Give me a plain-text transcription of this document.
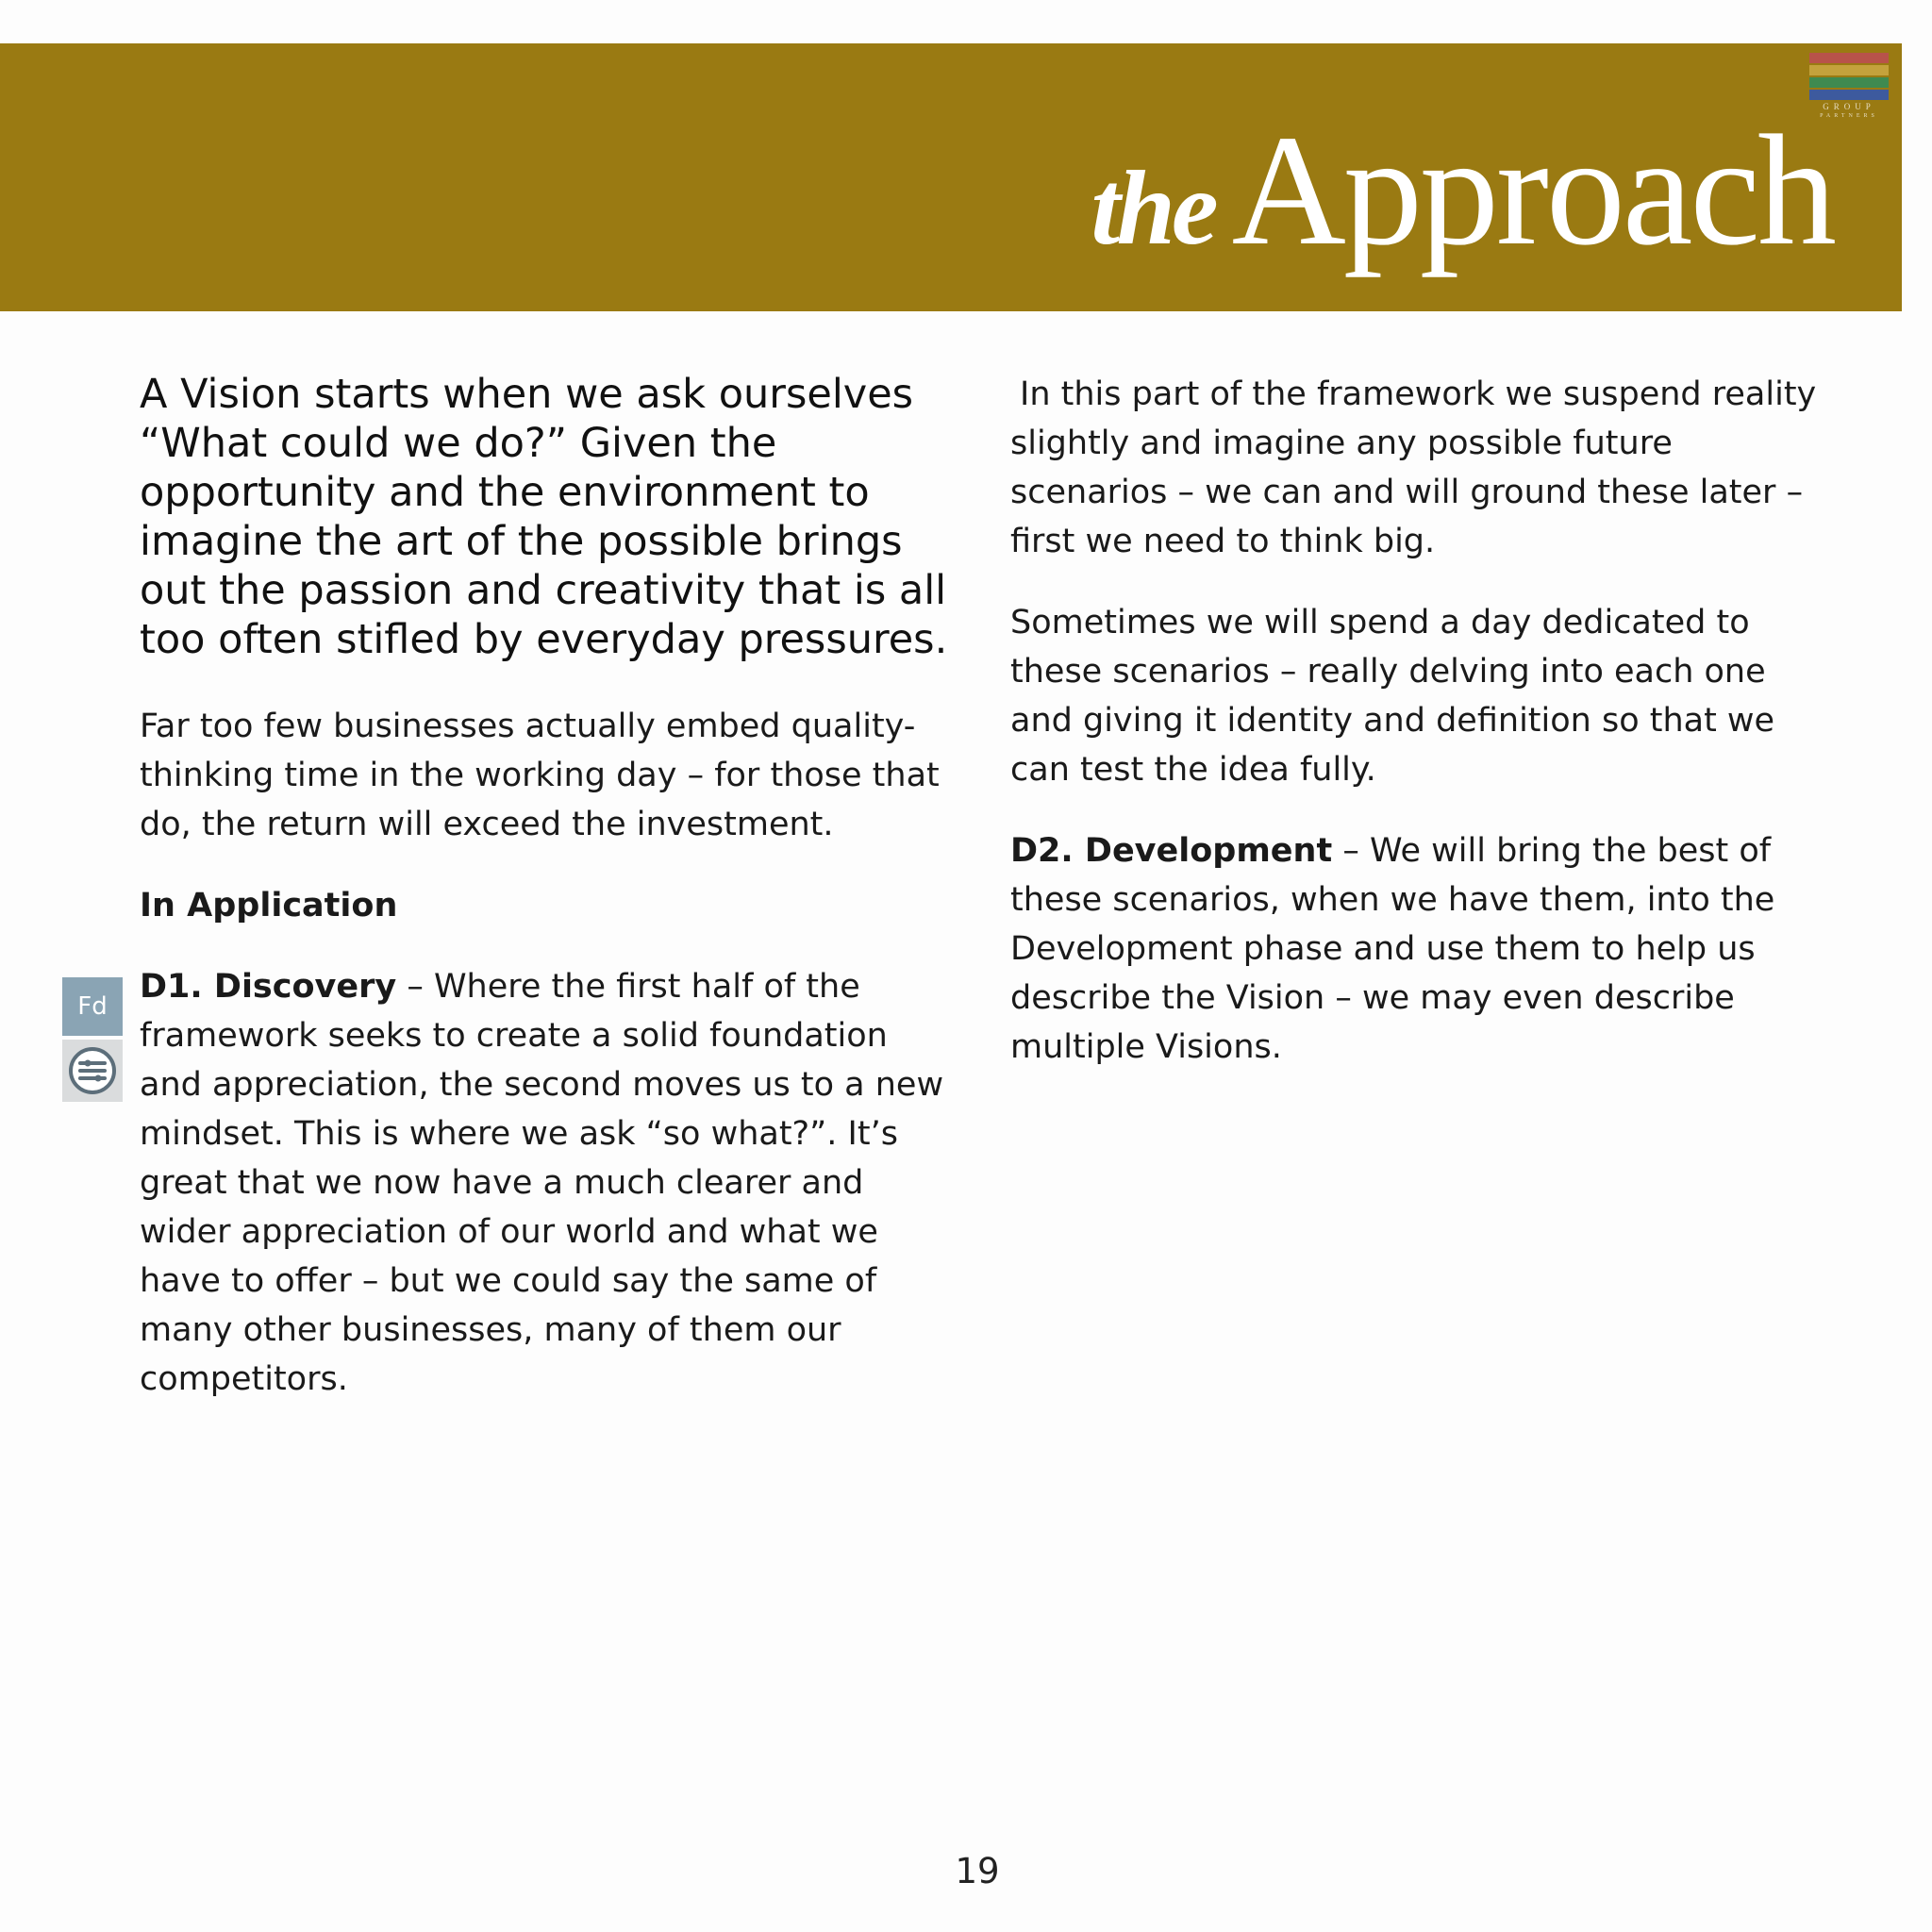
GROUP
PARTNERS
the Approach

A Vision starts when we ask ourselves “What could we do?” Given the opportunity and the environment to imagine the art of the possible brings out the passion and creativity that is all too often stifled by everyday pressures.

Far too few businesses actually embed quality-thinking time in the working day – for those that do, the return will exceed the investment.

In Application

D1. Discovery – Where the first half of the framework seeks to create a solid foundation and appreciation, the second moves us to a new mindset. This is where we ask “so what?”. It’s great that we now have a much clearer and wider appreciation of our world and what we have to offer – but we could say the same of many other businesses, many of them our competitors.

In this part of the framework we suspend reality slightly and imagine any possible future scenarios – we can and will ground these later – first we need to think big.

Sometimes we will spend a day dedicated to these scenarios – really delving into each one and giving it identity and definition so that we can test the idea fully.

D2. Development – We will bring the best of these scenarios, when we have them, into the Development phase and use them to help us describe the Vision – we may even describe multiple Visions.

Fd
19
